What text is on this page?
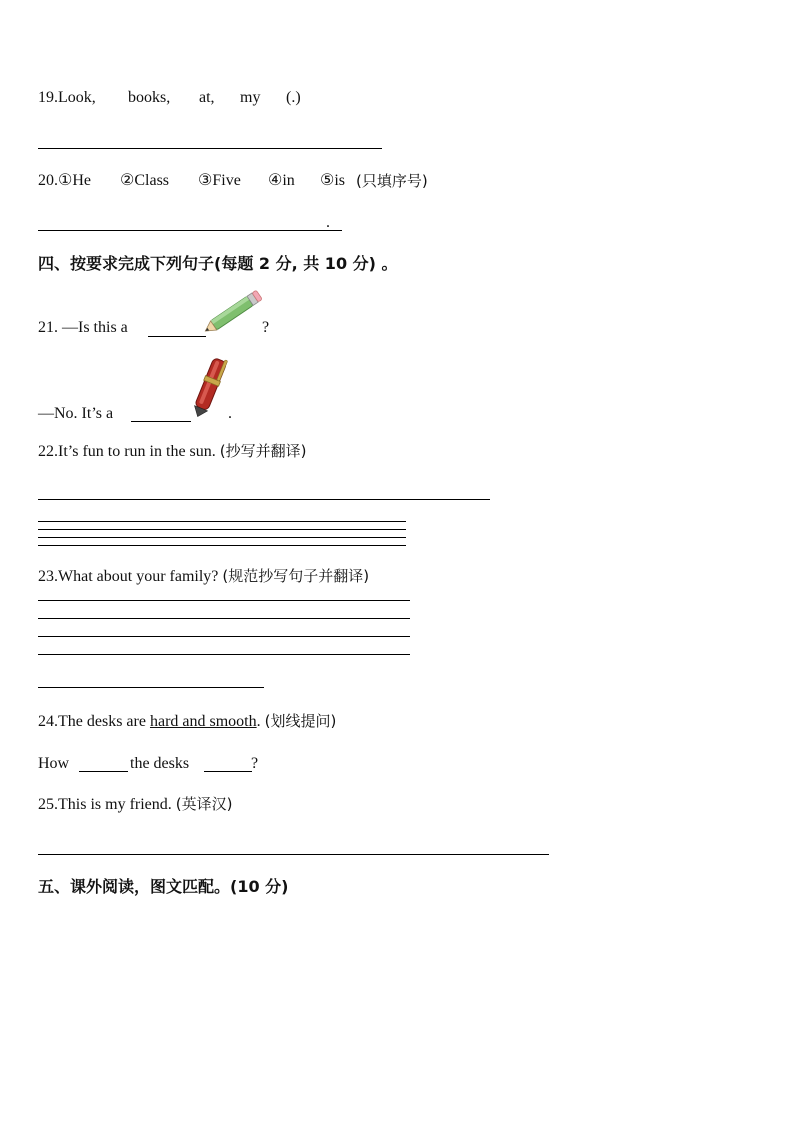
19.Look, books, at, my (.)
20.①He ②Class ③Five ④in ⑤is (只填序号)
.
四、按要求完成下列句子(每题 2 分, 共 10 分) 。
21. —Is this a	?
—No. It’s a	.
22.It’s fun to run in the sun. (抄写并翻译)
23.What about your family? (规范抄写句子并翻译)
24.The desks are hard and smooth. (划线提问)
How	the desks	?
25.This is my friend. (英译汉)
五、课外阅读，图文匹配。(10 分)
